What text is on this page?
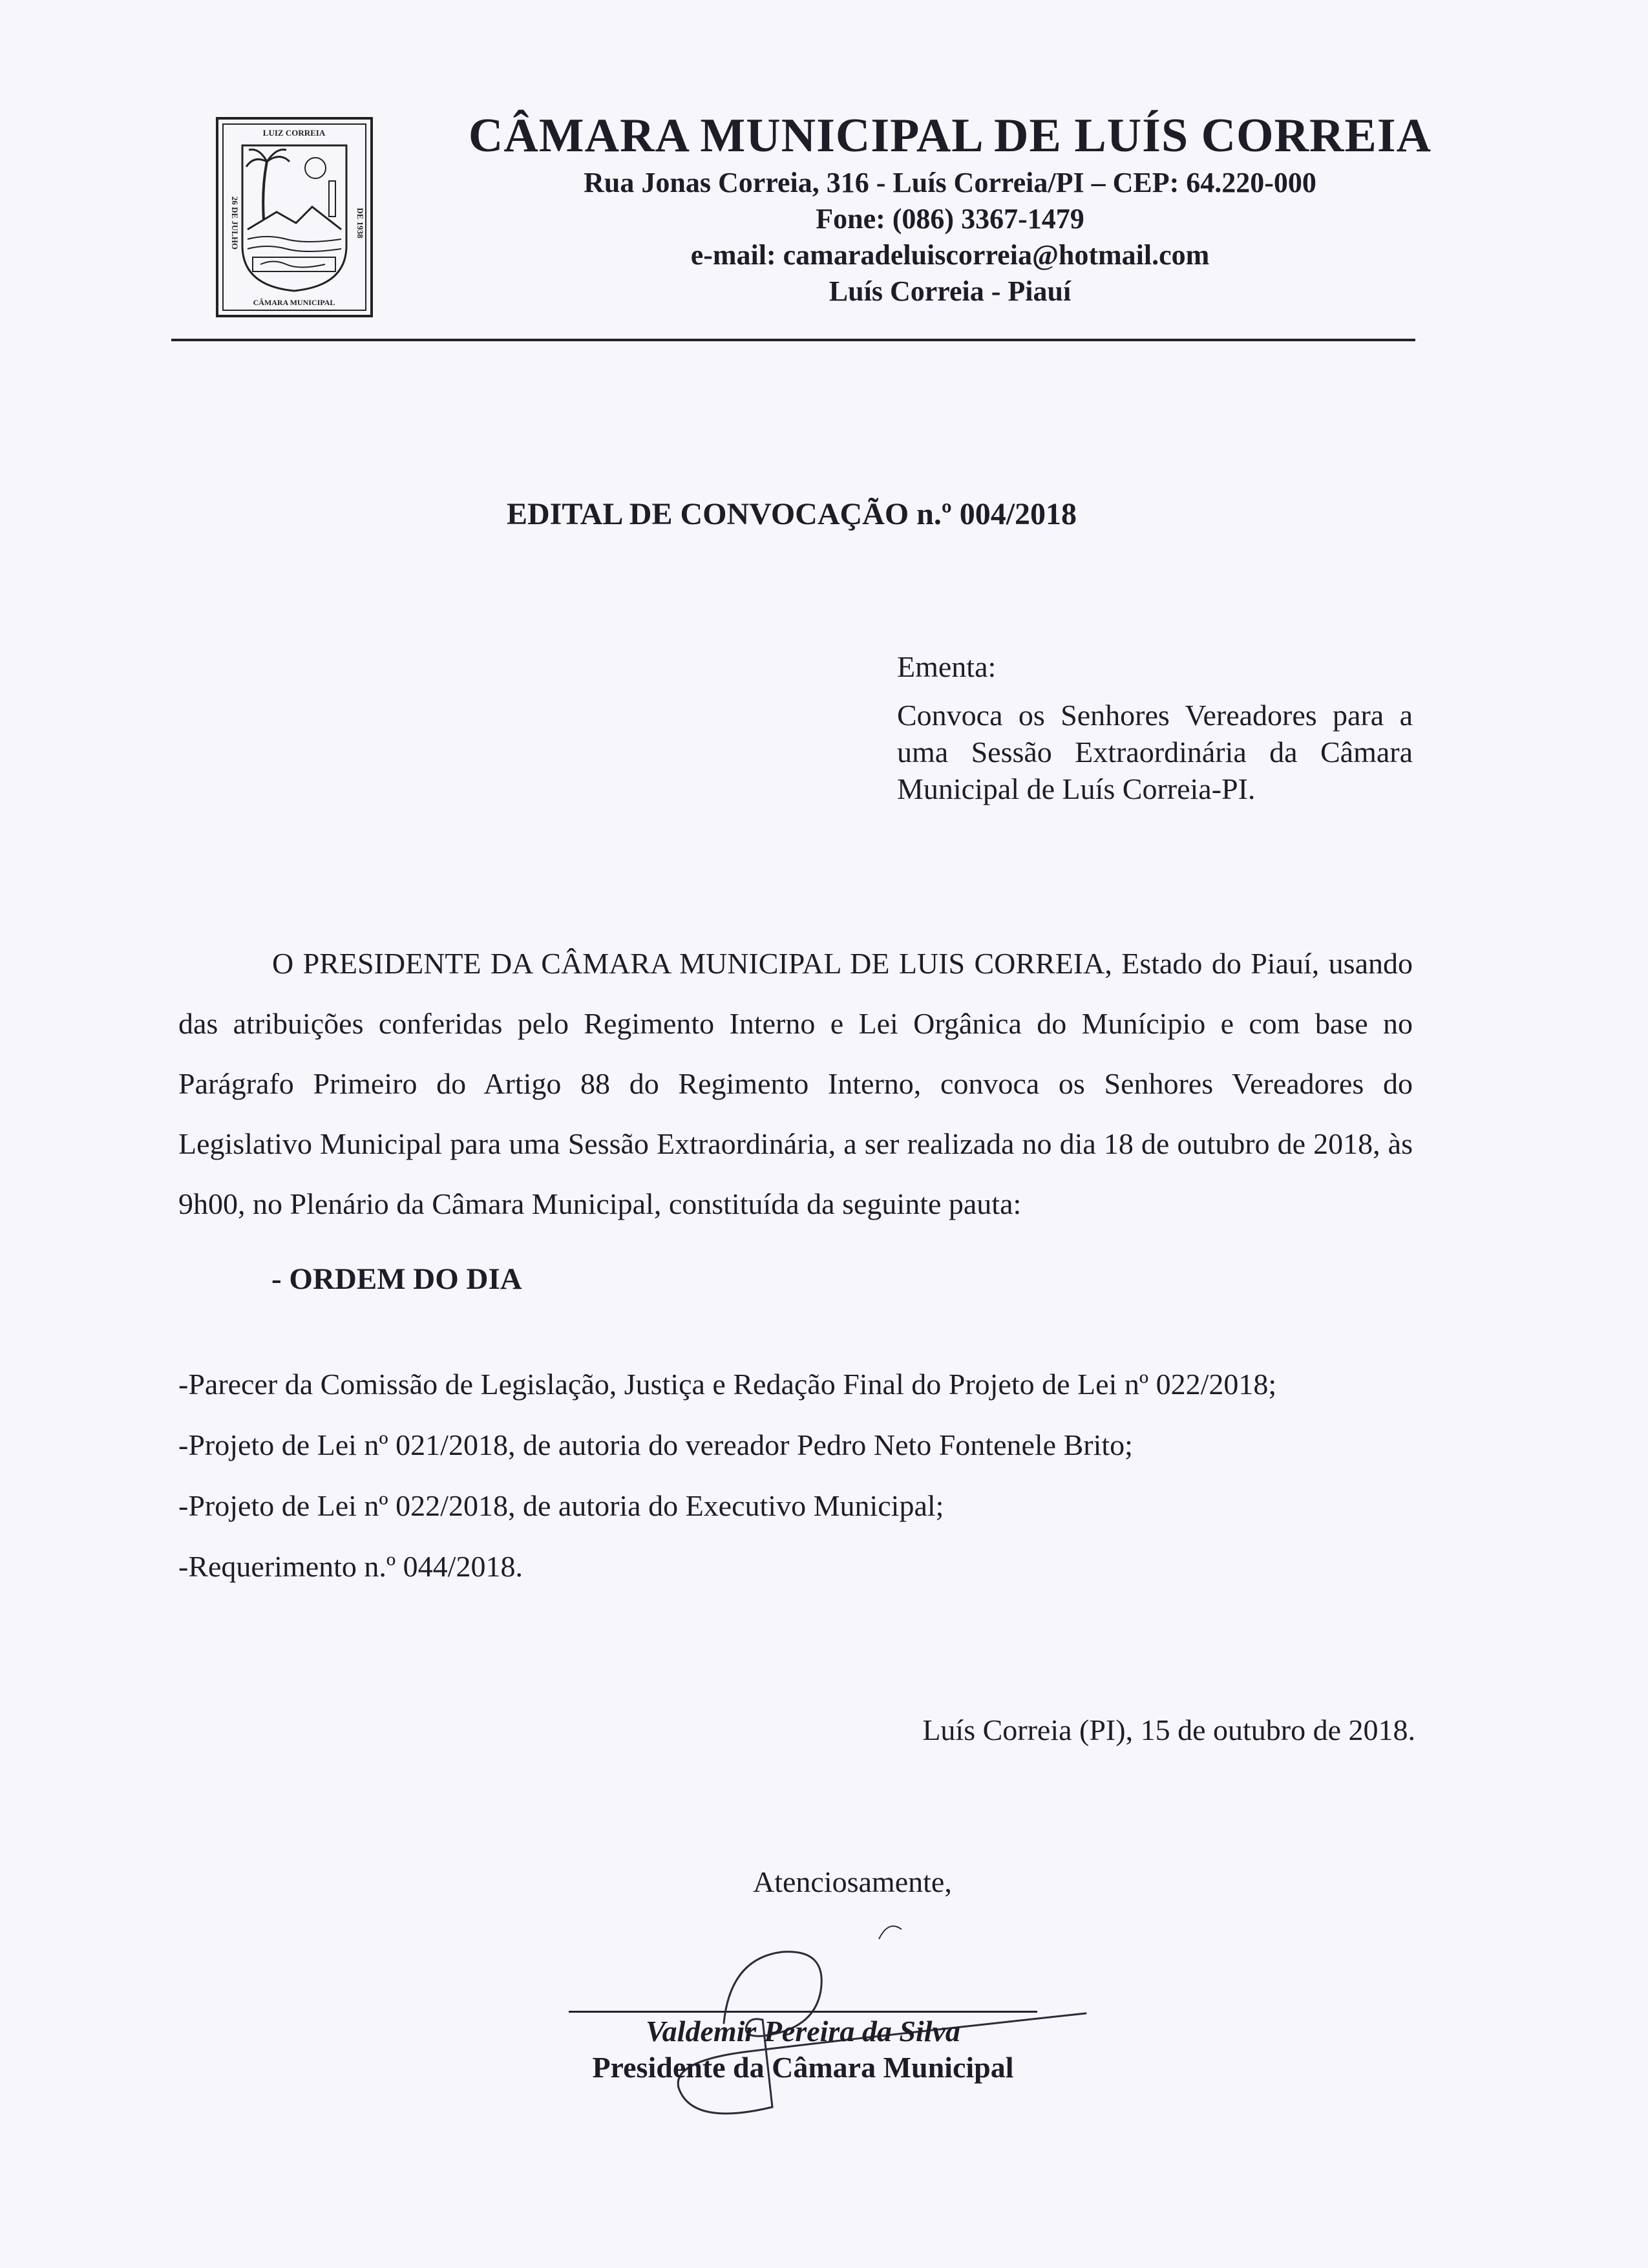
LUIZ CORREIA
CÂMARA MUNICIPAL
26 DE JULHO	DE 1938
CÂMARA MUNICIPAL DE LUÍS CORREIA
Rua Jonas Correia, 316 - Luís Correia/PI – CEP: 64.220-000
Fone: (086) 3367-1479
e-mail: camaradeluiscorreia@hotmail.com
Luís Correia - Piauí
EDITAL DE CONVOCAÇÃO n.º 004/2018
Ementa:
Convoca os Senhores Vereadores para a uma Sessão Extraordinária da Câmara Municipal de Luís Correia-PI.
O PRESIDENTE DA CÂMARA MUNICIPAL DE LUIS CORREIA, Estado do Piauí, usando das atribuições conferidas pelo Regimento Interno e Lei Orgânica do Munícipio e com base no Parágrafo Primeiro do Artigo 88 do Regimento Interno, convoca os Senhores Vereadores do Legislativo Municipal para uma Sessão Extraordinária, a ser realizada no dia 18 de outubro de 2018, às 9h00, no Plenário da Câmara Municipal, constituída da seguinte pauta:
- ORDEM DO DIA
-Parecer da Comissão de Legislação, Justiça e Redação Final do Projeto de Lei nº 022/2018;
-Projeto de Lei nº 021/2018, de autoria do vereador Pedro Neto Fontenele Brito;
-Projeto de Lei nº 022/2018, de autoria do Executivo Municipal;
-Requerimento n.º 044/2018.
Luís Correia (PI), 15 de outubro de 2018.
Atenciosamente,
Valdemir Pereira da Silva
Presidente da Câmara Municipal
